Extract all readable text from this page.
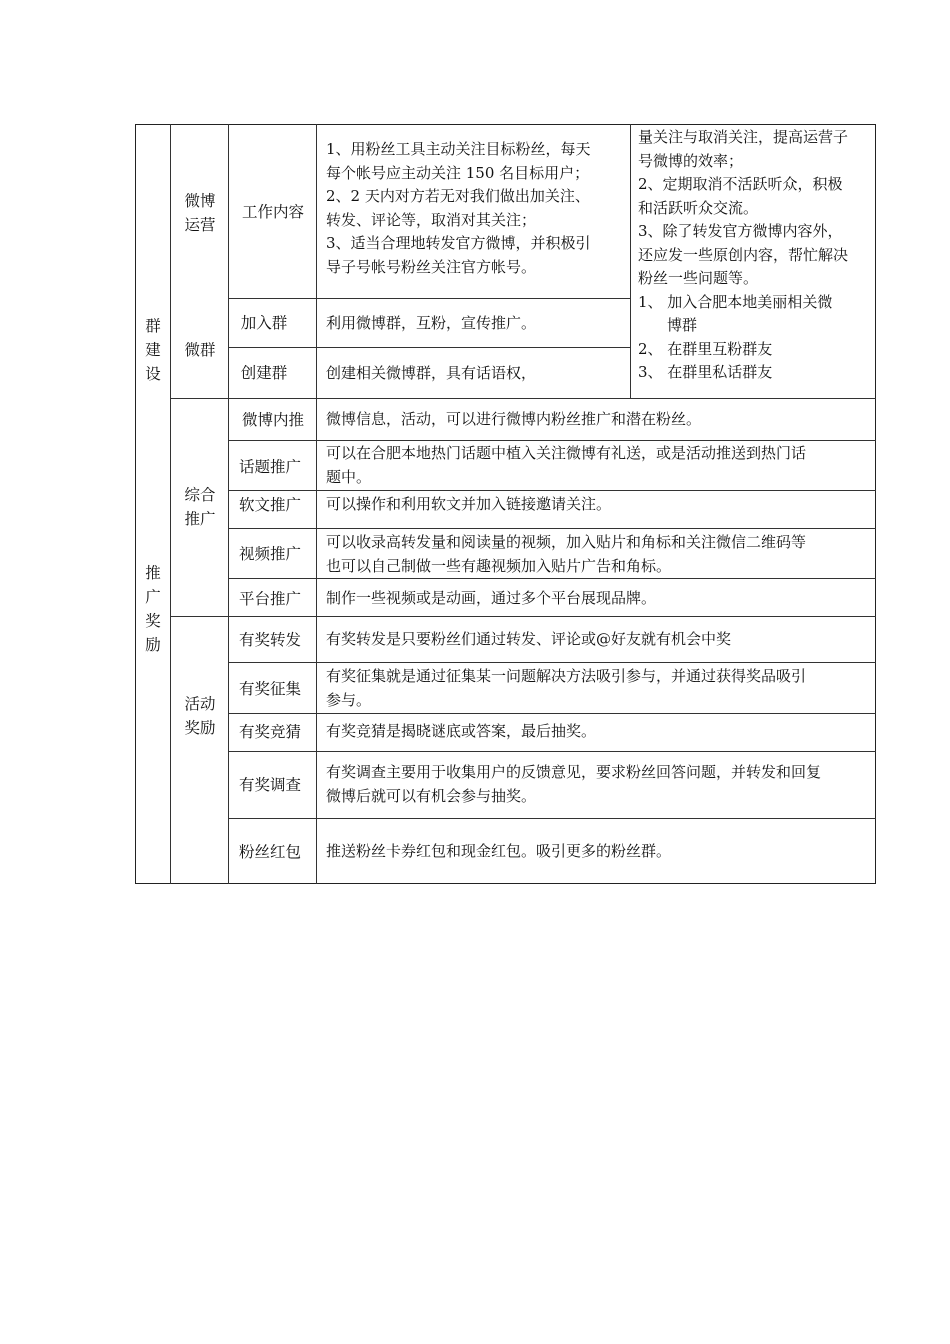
群
建
设
推
广
奖
励
微博
运营
微群
综合
推广
活动
奖励
工作内容
加入群
创建群
微博内推
话题推广
软文推广
视频推广
平台推广
有奖转发
有奖征集
有奖竞猜
有奖调查
粉丝红包
1、用粉丝工具主动关注目标粉丝，每天
每个帐号应主动关注 150 名目标用户；
2、2 天内对方若无对我们做出加关注、
转发、评论等，取消对其关注；
3、适当合理地转发官方微博，并积极引
导子号帐号粉丝关注官方帐号。
量关注与取消关注，提高运营子
号微博的效率；
2、定期取消不活跃听众，积极
和活跃听众交流。
3、除了转发官方微博内容外，
还应发一些原创内容，帮忙解决
粉丝一些问题等。
1、 加入合肥本地美丽相关微
博群
2、 在群里互粉群友
3、 在群里私话群友
利用微博群，互粉，宣传推广。
创建相关微博群，具有话语权，
微博信息，活动，可以进行微博内粉丝推广和潜在粉丝。
可以在合肥本地热门话题中植入关注微博有礼送，或是活动推送到热门话
题中。
可以操作和利用软文并加入链接邀请关注。
可以收录高转发量和阅读量的视频，加入贴片和角标和关注微信二维码等
也可以自己制做一些有趣视频加入贴片广告和角标。
制作一些视频或是动画，通过多个平台展现品牌。
有奖转发是只要粉丝们通过转发、评论或@好友就有机会中奖
有奖征集就是通过征集某一问题解决方法吸引参与，并通过获得奖品吸引
参与。
有奖竞猜是揭晓谜底或答案，最后抽奖。
有奖调查主要用于收集用户的反馈意见，要求粉丝回答问题，并转发和回复
微博后就可以有机会参与抽奖。
推送粉丝卡券红包和现金红包。吸引更多的粉丝群。
